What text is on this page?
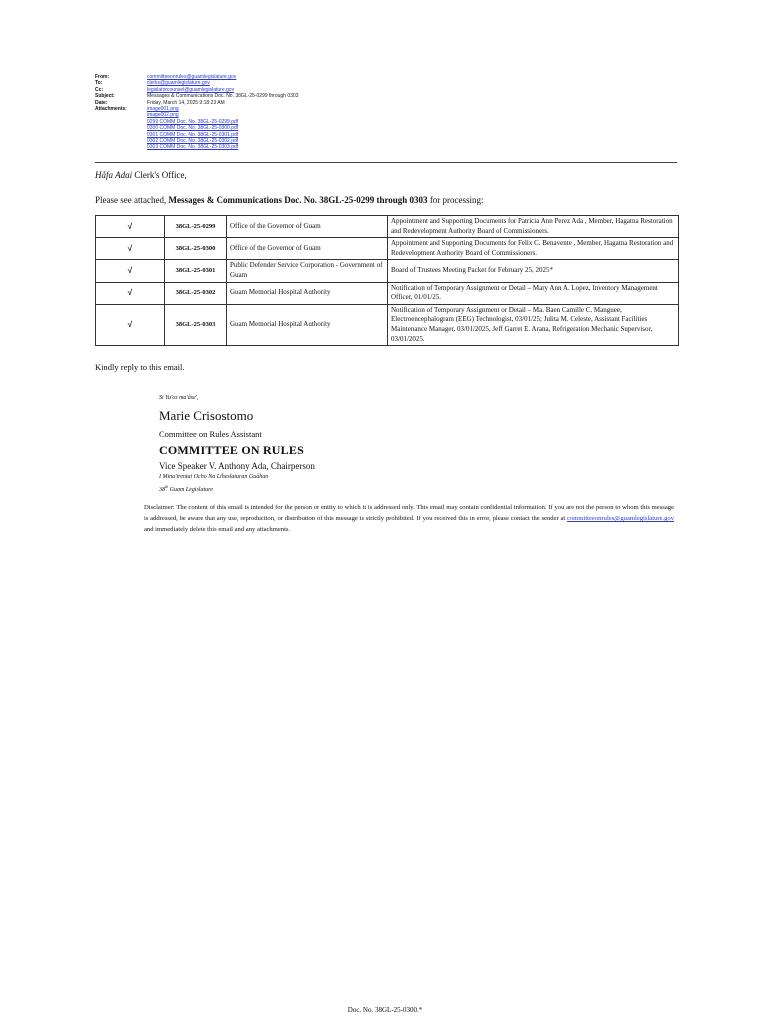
From:	committeeonrules@guamlegislature.gov
To:	clerks@guamlegislature.gov
Cc:	legislatorcounsel@guamlegislature.gov
Subject:	Messages & Communications Doc. No. 38GL-25-0299 through 0303
Date:	Friday, March 14, 2025 9:18:23 AM
Attachments:	image001.png
image002.png
0299 COMM Doc. No. 38GL-25-0299.pdf
0300 COMM Doc. No. 38GL-25-0300.pdf
0301 COMM Doc. No. 38GL-25-0301.pdf
0302 COMM Doc. No. 38GL-25-0302.pdf
0303 COMM Doc. No. 38GL-25-0303.pdf
Håfa Adai Clerk's Office,
Please see attached, Messages & Communications Doc. No. 38GL-25-0299 through 0303 for processing:
√	38GL-25-0299	Office of the Governor of Guam	Appointment and Supporting Documents for Patricia Ann Perez Ada , Member, Hagatna Restoration and Redevelopment Authority Board of Commissioners.
√	38GL-25-0300	Office of the Governor of Guam	Appointment and Supporting Documents for Felix C. Benavente , Member, Hagatna Restoration and Redevelopment Authority Board of Commissioners.
√	38GL-25-0301	Public Defender Service Corporation - Government of Guam	Board of Trustees Meeting Packet for February 25, 2025*
√	38GL-25-0302	Guam Memorial Hospital Authority	Notification of Temporary Assignment or Detail – Mary Ann A. Lopez, Inventory Management Officer, 01/01/25.
√	38GL-25-0303	Guam Memorial Hospital Authority	Notification of Temporary Assignment or Detail – Ma. Baen Camille C. Manguee, Electroencephalogram (EEG) Technologist, 03/01/25; Julita M. Celeste, Assistant Facilities Maintenance Manager, 03/01/2025, Jeff Garret E. Arana, Refrigeration Mechanic Supervisor, 03/01/2025.
Kindly reply to this email.
Si Yu'os ma'åse',
Marie Crisostomo
Committee on Rules Assistant
COMMITTEE ON RULES
Vice Speaker V. Anthony Ada, Chairperson
I Mina'trentai Ocho Na Liheslaturan Guåhan
38th Guam Legislature
Disclaimer: The content of this email is intended for the person or entity to which it is addressed only. This email may contain confidential information. If you are not the person to whom this message is addressed, be aware that any use, reproduction, or distribution of this message is strictly prohibited. If you received this in error, please contact the sender at committeeonrules@guamlegislature.gov and immediately delete this email and any attachments.
Doc. No. 38GL-25-0300.*
